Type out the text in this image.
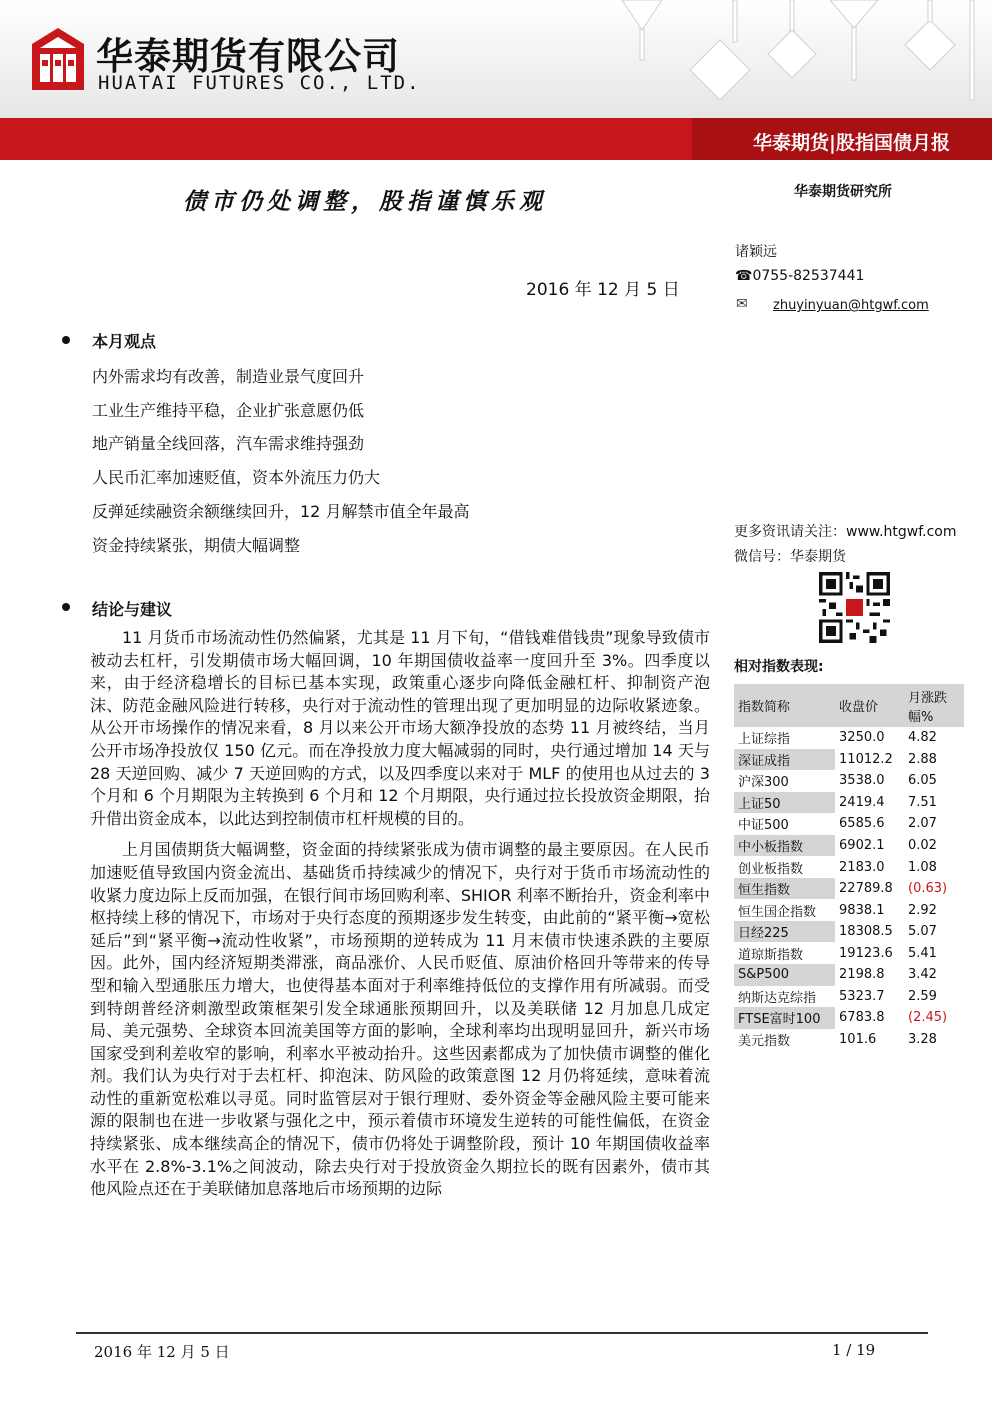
华泰期货有限公司
HUATAI FUTURES CO., LTD.
华泰期货|股指国债月报
债市仍处调整，股指谨慎乐观	华泰期货研究所
诸颖远
☎0755-82537441
✉ zhuyinyuan@htgwf.com
2016 年 12 月 5 日
本月观点
内外需求均有改善，制造业景气度回升
工业生产维持平稳，企业扩张意愿仍低
地产销量全线回落，汽车需求维持强劲
人民币汇率加速贬值，资本外流压力仍大
反弹延续融资余额继续回升，12 月解禁市值全年最高
资金持续紧张，期债大幅调整
结论与建议

11 月货币市场流动性仍然偏紧，尤其是 11 月下旬，“借钱难借钱贵”现象导致债市被动去杠杆，引发期债市场大幅回调，10 年期国债收益率一度回升至 3%。四季度以来，由于经济稳增长的目标已基本实现，政策重心逐步向降低金融杠杆、抑制资产泡沫、防范金融风险进行转移，央行对于流动性的管理出现了更加明显的边际收紧迹象。从公开市场操作的情况来看，8 月以来公开市场大额净投放的态势 11 月被终结，当月公开市场净投放仅 150 亿元。而在净投放力度大幅减弱的同时，央行通过增加 14 天与 28 天逆回购、减少 7 天逆回购的方式，以及四季度以来对于 MLF 的使用也从过去的 3 个月和 6 个月期限为主转换到 6 个月和 12 个月期限，央行通过拉长投放资金期限，抬升借出资金成本，以此达到控制债市杠杆规模的目的。

上月国债期货大幅调整，资金面的持续紧张成为债市调整的最主要原因。在人民币加速贬值导致国内资金流出、基础货币持续减少的情况下，央行对于货币市场流动性的收紧力度边际上反而加强，在银行间市场回购利率、SHIOR 利率不断抬升，资金利率中枢持续上移的情况下，市场对于央行态度的预期逐步发生转变，由此前的“紧平衡→宽松延后”到“紧平衡→流动性收紧”，市场预期的逆转成为 11 月末债市快速杀跌的主要原因。此外，国内经济短期类滞涨，商品涨价、人民币贬值、原油价格回升等带来的传导型和输入型通胀压力增大，也使得基本面对于利率维持低位的支撑作用有所减弱。而受到特朗普经济刺激型政策框架引发全球通胀预期回升，以及美联储 12 月加息几成定局、美元强势、全球资本回流美国等方面的影响，全球利率均出现明显回升，新兴市场国家受到利差收窄的影响，利率水平被动抬升。这些因素都成为了加快债市调整的催化剂。我们认为央行对于去杠杆、抑泡沫、防风险的政策意图 12 月仍将延续，意味着流动性的重新宽松难以寻觅。同时监管层对于银行理财、委外资金等金融风险主要可能来源的限制也在进一步收紧与强化之中，预示着债市环境发生逆转的可能性偏低，在资金持续紧张、成本继续高企的情况下，债市仍将处于调整阶段，预计 10 年期国债收益率水平在 2.8%-3.1%之间波动，除去央行对于投放资金久期拉长的既有因素外，债市其他风险点还在于美联储加息落地后市场预期的边际

更多资讯请关注：www.htgwf.com
微信号：华泰期货
相对指数表现:
指数简称	收盘价	月涨跌幅%
上证综指	3250.0	4.82
深证成指	11012.2	2.88
沪深300	3538.0	6.05
上证50	2419.4	7.51
中证500	6585.6	2.07
中小板指数	6902.1	0.02
创业板指数	2183.0	1.08
恒生指数	22789.8	(0.63)
恒生国企指数	9838.1	2.92
日经225	18308.5	5.07
道琼斯指数	19123.6	5.41
S&P500	2198.8	3.42
纳斯达克综指	5323.7	2.59
FTSE富时100	6783.8	(2.45)
美元指数	101.6	3.28
2016 年 12 月 5 日	1 / 19
